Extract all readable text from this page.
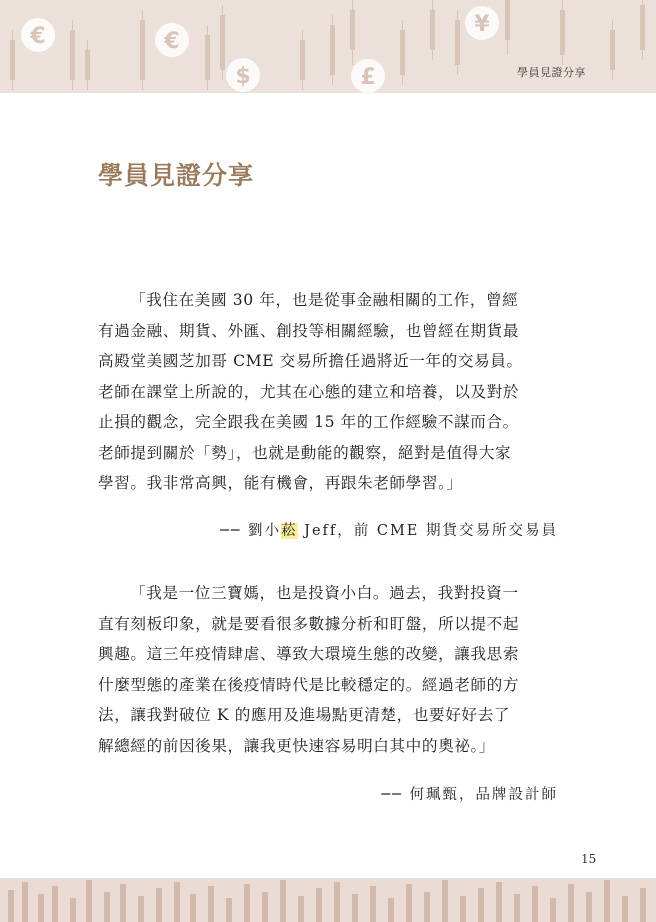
€	€
$	£
¥
學員見證分享
學員見證分享

「我住在美國 30 年，也是從事金融相關的工作，曾經
有過金融、期貨、外匯、創投等相關經驗，也曾經在期貨最
高殿堂美國芝加哥 CME 交易所擔任過將近一年的交易員。
老師在課堂上所說的，尤其在心態的建立和培養，以及對於
止損的觀念，完全跟我在美國 15 年的工作經驗不謀而合。
老師提到關於「勢」，也就是動能的觀察，絕對是值得大家
學習。我非常高興，能有機會，再跟朱老師學習。」

── 劉小菘 Jeff，前 CME 期貨交易所交易員

「我是一位三寶媽，也是投資小白。過去，我對投資一
直有刻板印象，就是要看很多數據分析和盯盤，所以提不起
興趣。這三年疫情肆虐、導致大環境生態的改變，讓我思索
什麼型態的產業在後疫情時代是比較穩定的。經過老師的方
法，讓我對破位 K 的應用及進場點更清楚，也要好好去了
解總經的前因後果，讓我更快速容易明白其中的奧祕。」

── 何珮甄，品牌設計師
15
